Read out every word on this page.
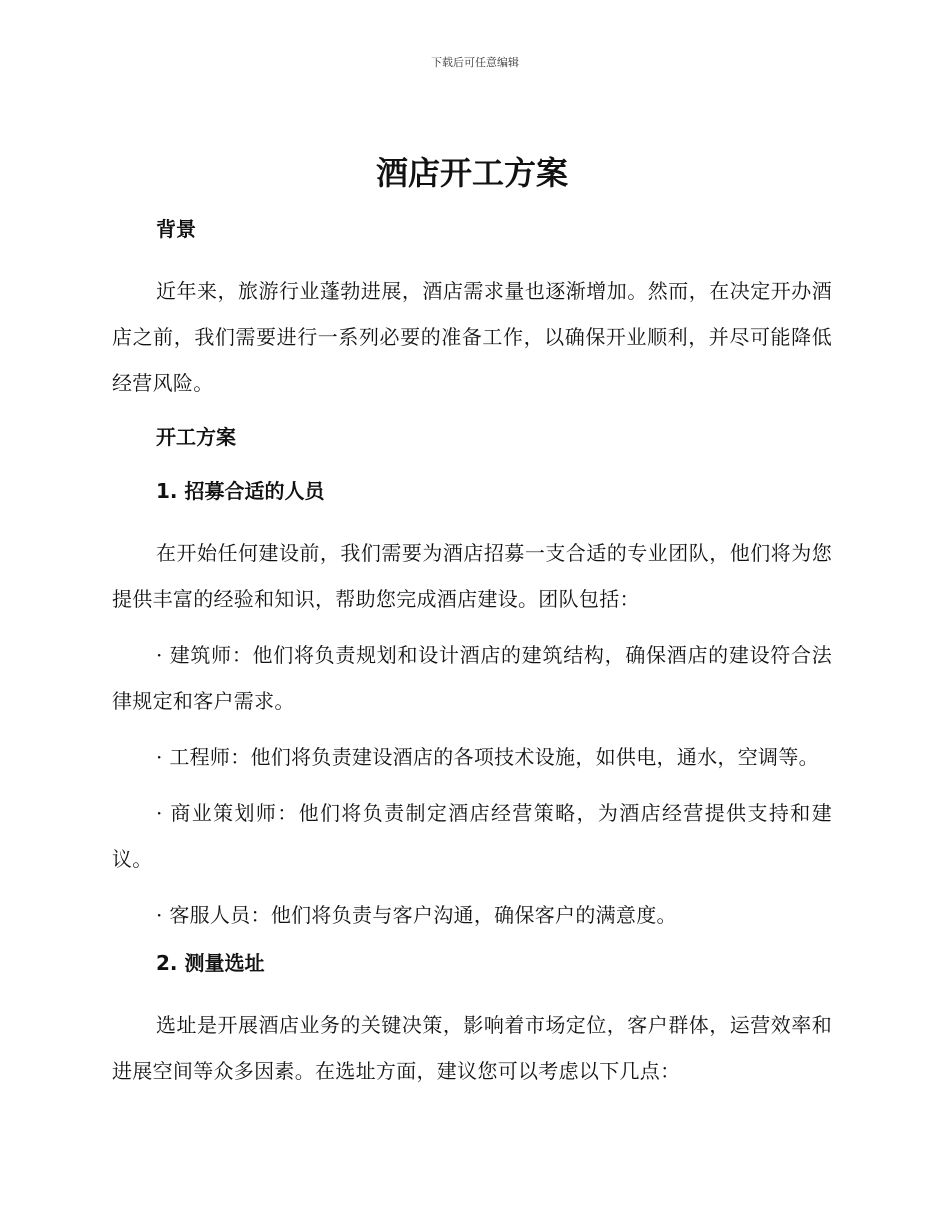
下载后可任意编辑
酒店开工方案
背景

近年来，旅游行业蓬勃进展，酒店需求量也逐渐增加。然而，在决定开办酒店之前，我们需要进行一系列必要的准备工作，以确保开业顺利，并尽可能降低经营风险。

开工方案
1. 招募合适的人员

在开始任何建设前，我们需要为酒店招募一支合适的专业团队，他们将为您提供丰富的经验和知识，帮助您完成酒店建设。团队包括：

· 建筑师：他们将负责规划和设计酒店的建筑结构，确保酒店的建设符合法律规定和客户需求。

· 工程师：他们将负责建设酒店的各项技术设施，如供电，通水，空调等。

· 商业策划师：他们将负责制定酒店经营策略，为酒店经营提供支持和建议。

· 客服人员：他们将负责与客户沟通，确保客户的满意度。

2. 测量选址

选址是开展酒店业务的关键决策，影响着市场定位，客户群体，运营效率和进展空间等众多因素。在选址方面，建议您可以考虑以下几点：
